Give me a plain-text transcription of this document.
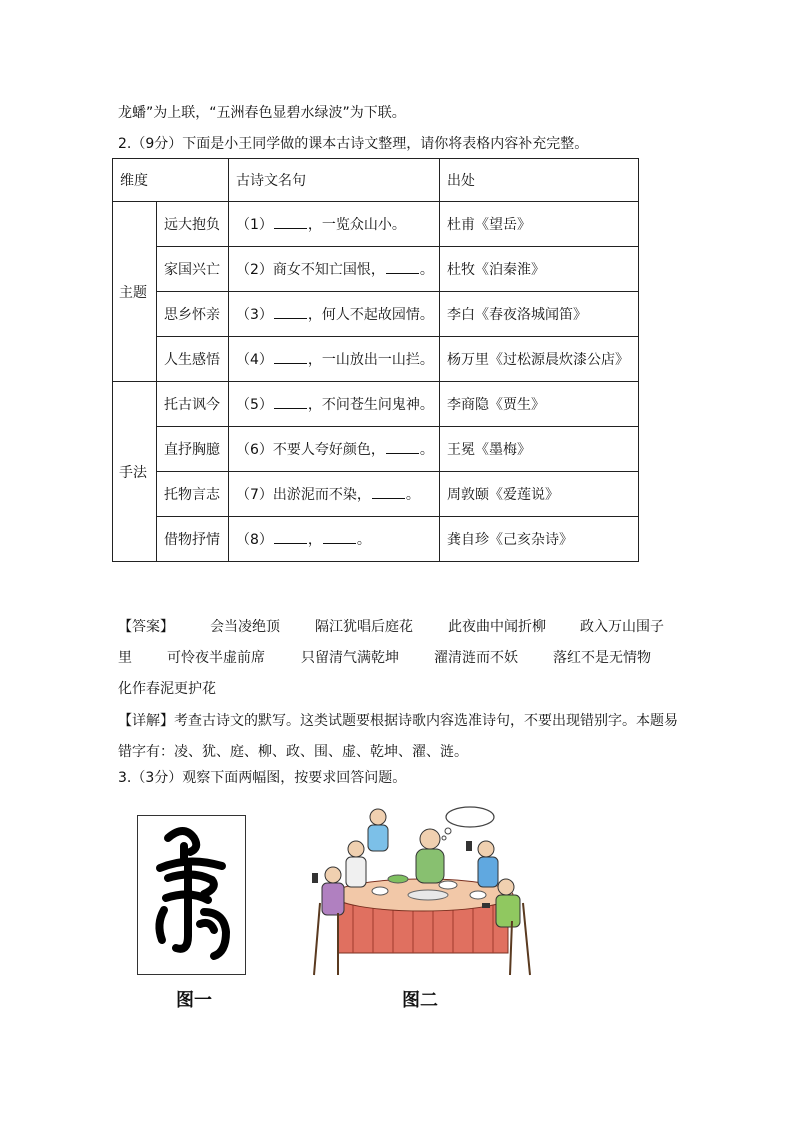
龙蟠”为上联，“五洲春色显碧水绿波”为下联。
2.（9分）下面是小王同学做的课本古诗文整理，请你将表格内容补充完整。
维度		古诗文名句	出处
主题	远大抱负	（1） ，一览众山小。	杜甫《望岳》
	家国兴亡	（2）商女不知亡国恨， 。	杜牧《泊秦淮》
	思乡怀亲	（3） ，何人不起故园情。	李白《春夜洛城闻笛》
	人生感悟	（4） ，一山放出一山拦。	杨万里《过松源晨炊漆公店》
手法	托古讽今	（5） ，不问苍生问鬼神。	李商隐《贾生》
	直抒胸臆	（6）不要人夸好颜色， 。	王冕《墨梅》
	托物言志	（7）出淤泥而不染， 。	周敦颐《爱莲说》
	借物抒情	（8） ， 。	龚自珍《己亥杂诗》
【答案】	会当凌绝顶	隔江犹唱后庭花	此夜曲中闻折柳 政入万山围子
里	可怜夜半虚前席	只留清气满乾坤	濯清涟而不妖	落红不是无情物
化作春泥更护花
【详解】考查古诗文的默写。这类试题要根据诗歌内容选准诗句，不要出现错别字。本题易
错字有：凌、犹、庭、柳、政、围、虚、乾坤、濯、涟。
3.（3分）观察下面两幅图，按要求回答问题。
图一	图二
